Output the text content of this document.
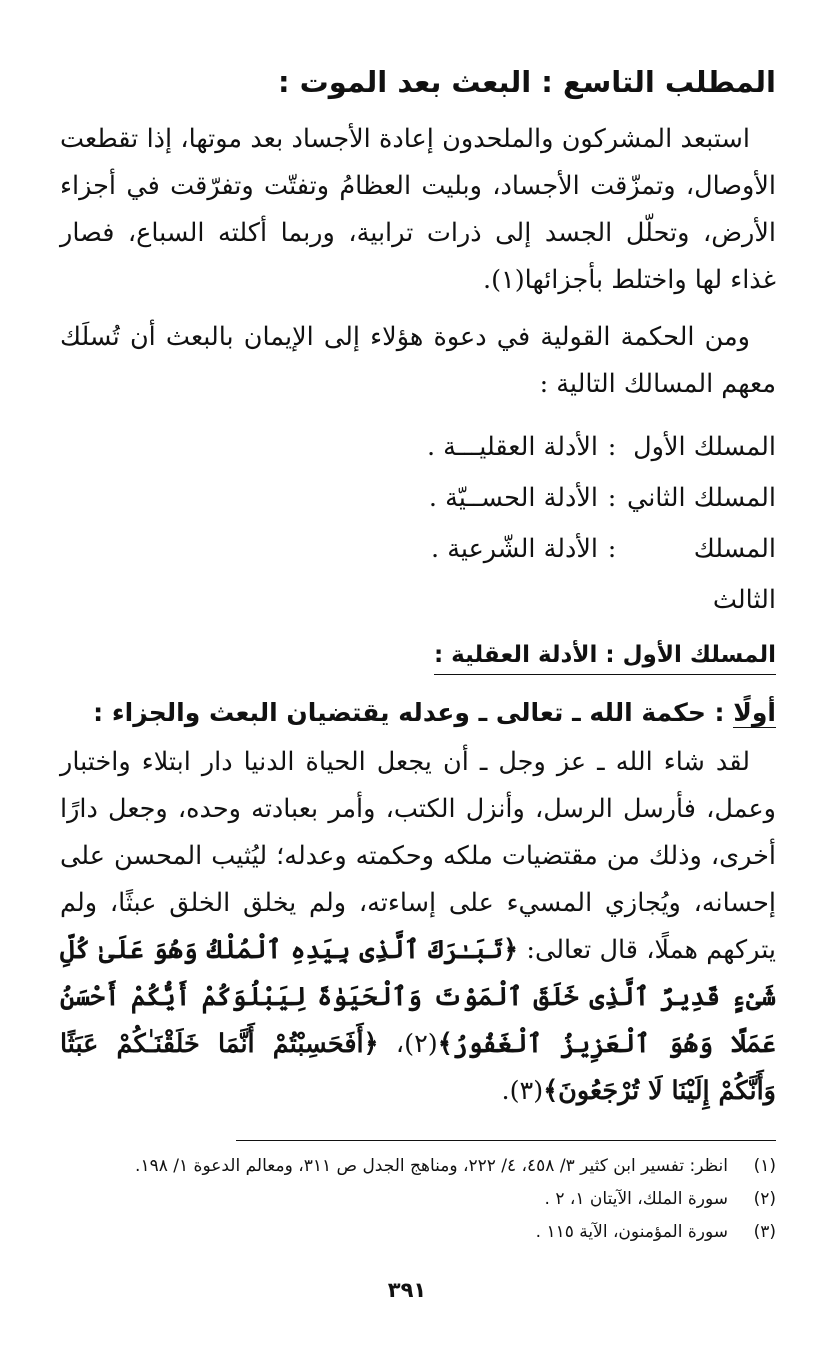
المطلب التاسع : البعث بعد الموت :

استبعد المشركون والملحدون إعادة الأجساد بعد موتها، إذا تقطعت الأوصال، وتمزّقت الأجساد، وبليت العظامُ وتفتّت وتفرّقت في أجزاء الأرض، وتحلّل الجسد إلى ذرات ترابية، وربما أكلته السباع، فصار غذاء لها واختلط بأجزائها(١).

ومن الحكمة القولية في دعوة هؤلاء إلى الإيمان بالبعث أن تُسلَك معهم المسالك التالية :

المسلك الأول
:
الأدلة العقليـــة .
المسلك الثاني
:
الأدلة الحســيّة .
المسلك الثالث
:
الأدلة الشّرعية .
المسلك الأول : الأدلة العقلية :
أولًا : حكمة الله ـ تعالى ـ وعدله يقتضيان البعث والجزاء :

لقد شاء الله ـ عز وجل ـ أن يجعل الحياة الدنيا دار ابتلاء واختبار وعمل، فأرسل الرسل، وأنزل الكتب، وأمر بعبادته وحده، وجعل دارًا أخرى، وذلك من مقتضيات ملكه وحكمته وعدله؛ ليُثيب المحسن على إحسانه، ويُجازي المسيء على إساءته، ولم يخلق الخلق عبثًا، ولم يتركهم هملًا، قال تعالى: ﴿تَبَـٰرَكَ ٱلَّذِى بِيَدِهِ ٱلْمُلْكُ وَهُوَ عَلَىٰ كُلِّ شَىْءٍ قَدِيرٌ ٱلَّذِى خَلَقَ ٱلْمَوْتَ وَٱلْحَيَوٰةَ لِيَبْلُوَكُمْ أَيُّكُمْ أَحْسَنُ عَمَلًا وَهُوَ ٱلْعَزِيزُ ٱلْغَفُورُ﴾(٢)، ﴿أَفَحَسِبْتُمْ أَنَّمَا خَلَقْنَـٰكُمْ عَبَثًا وَأَنَّكُمْ إِلَيْنَا لَا تُرْجَعُونَ﴾(٣).

(١)
انظر: تفسير ابن كثير ٣/ ٤٥٨، ٤/ ٢٢٢، ومناهج الجدل ص ٣١١، ومعالم الدعوة ١/ ١٩٨.
(٢)
سورة الملك، الآيتان ١، ٢ .
(٣)
سورة المؤمنون، الآية ١١٥ .
٣٩١
